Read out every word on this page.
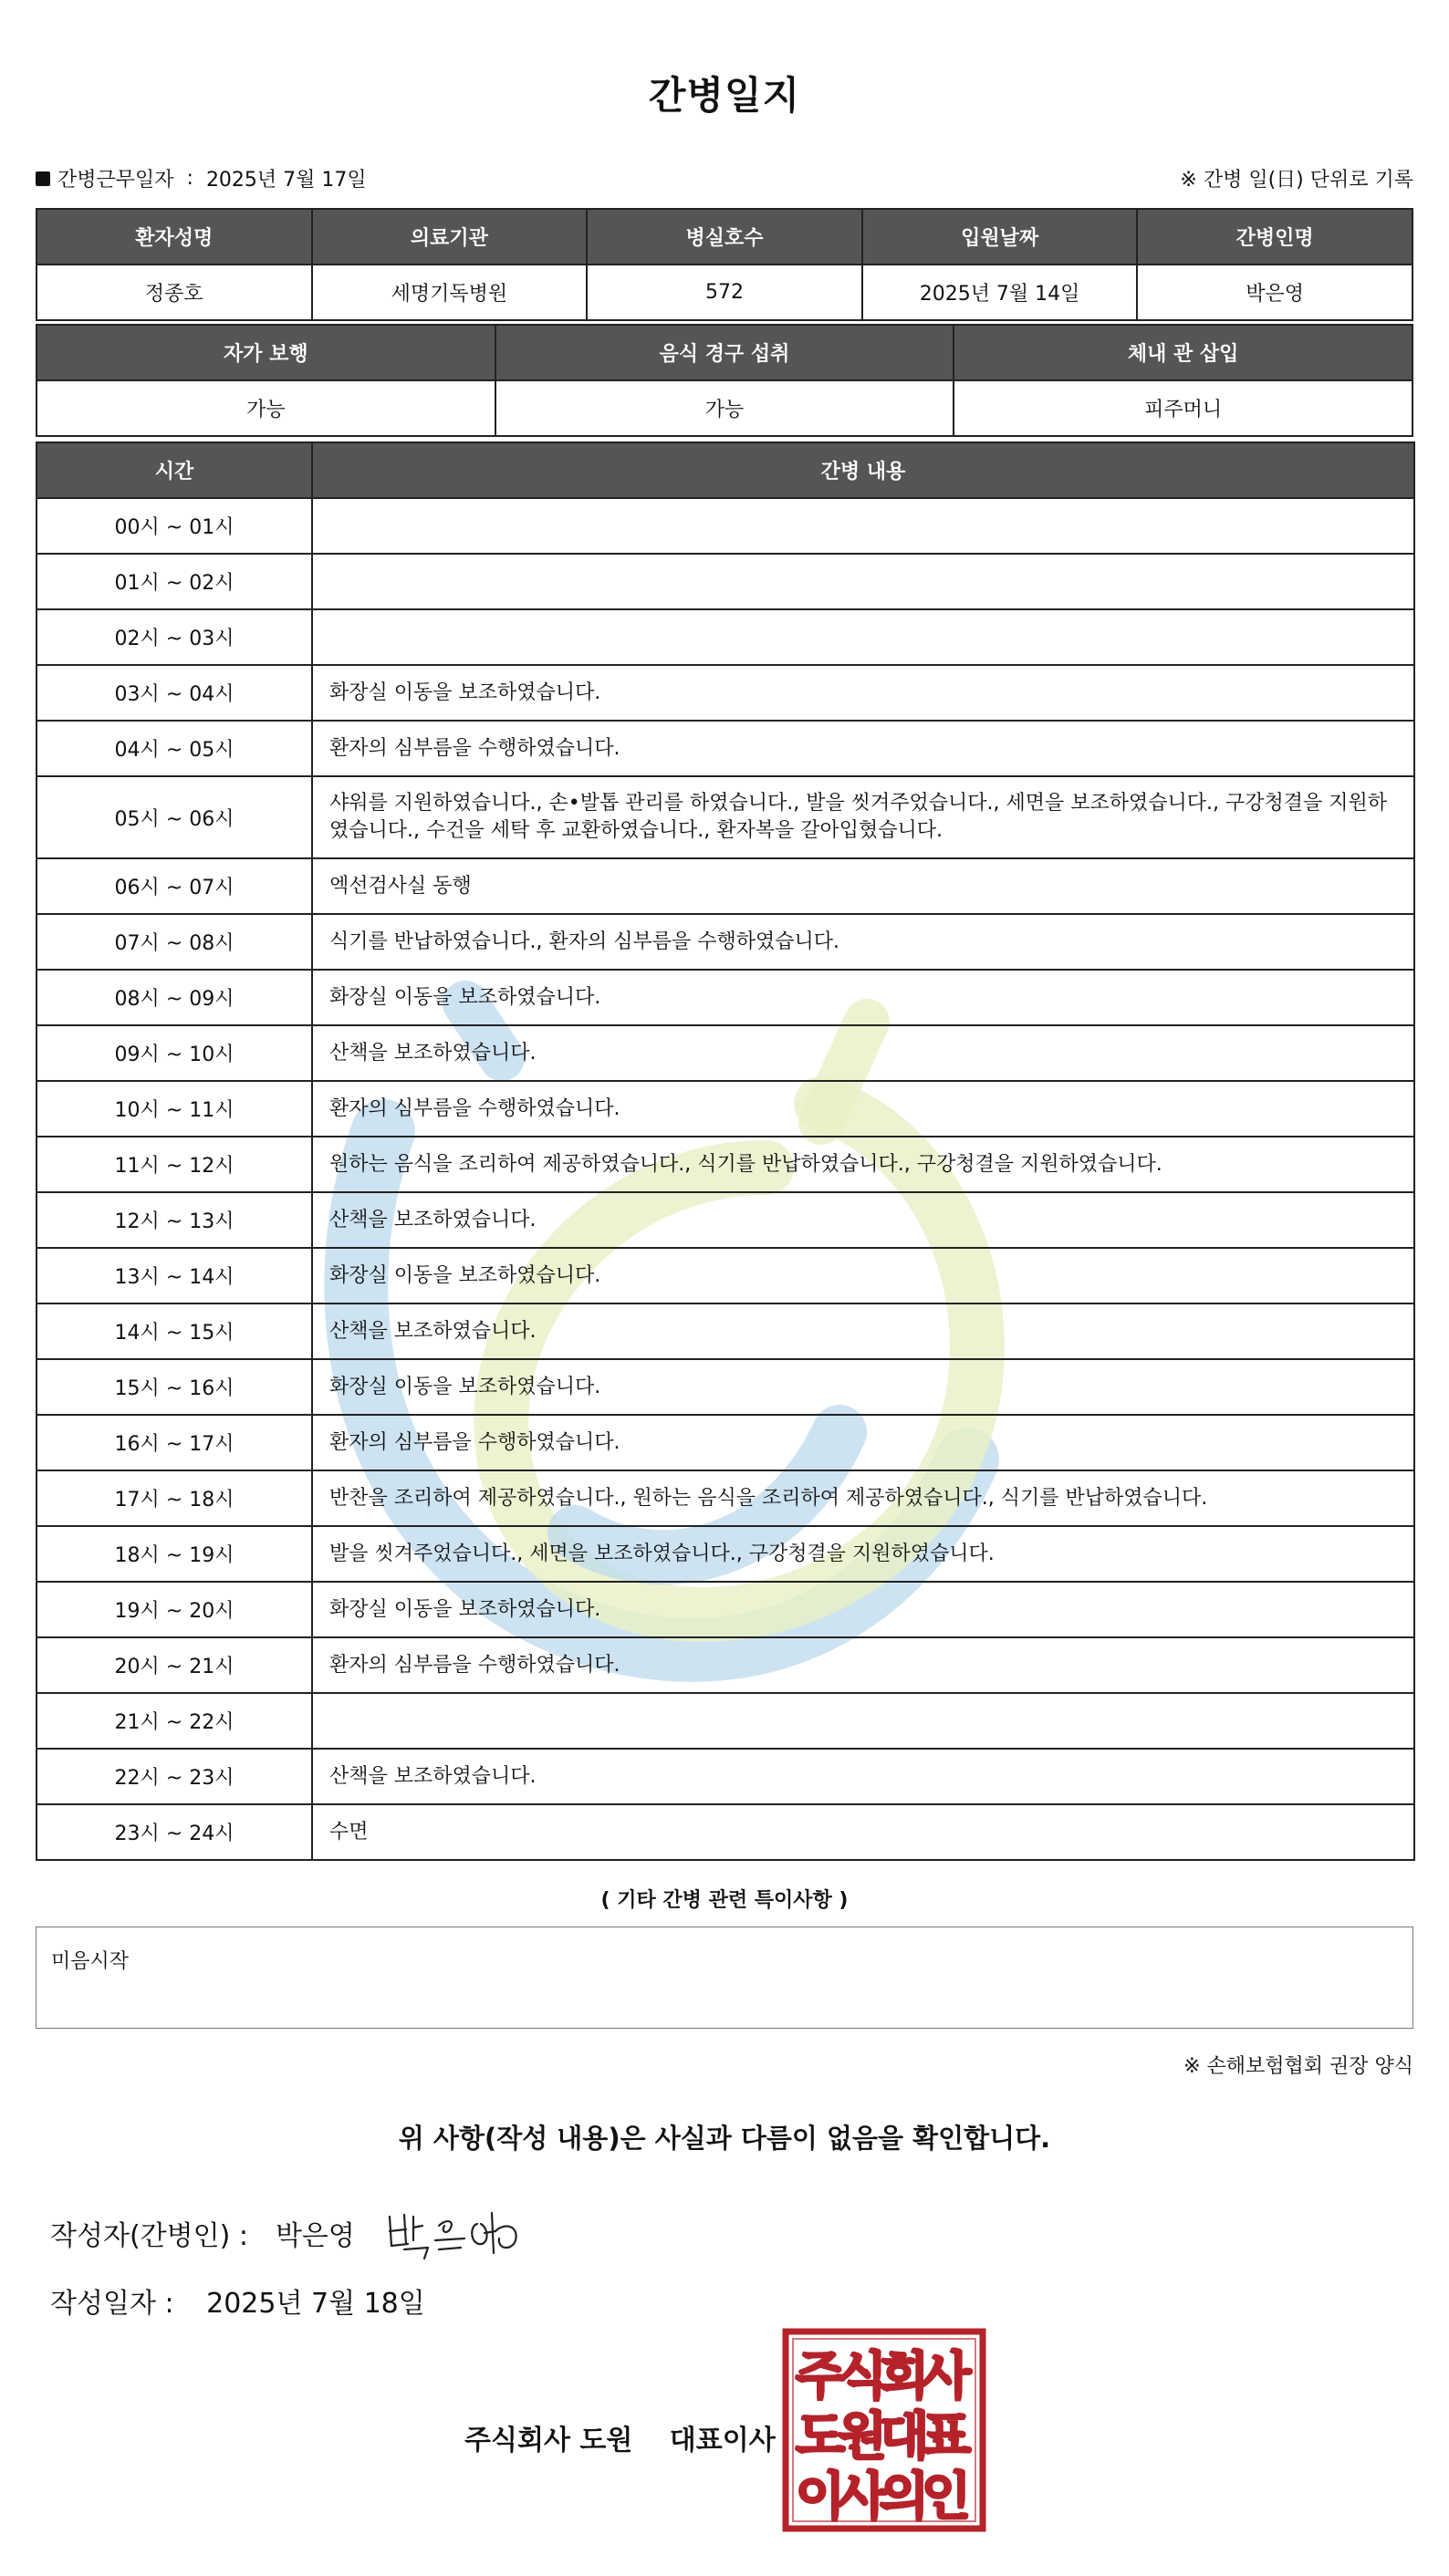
간병일지
간병근무일자 : 2025년 7월 17일	※ 간병 일(日) 단위로 기록
환자성명	의료기관	병실호수	입원날짜	간병인명
정종호	세명기독병원	572	2025년 7월 14일	박은영
자가 보행	음식 경구 섭취	체내 관 삽입
가능	가능	피주머니
시간	간병 내용
00시 ~ 01시	
01시 ~ 02시	
02시 ~ 03시	
03시 ~ 04시	화장실 이동을 보조하였습니다.
04시 ~ 05시	환자의 심부름을 수행하였습니다.
05시 ~ 06시	샤워를 지원하였습니다., 손•발톱 관리를 하였습니다., 발을 씻겨주었습니다., 세면을 보조하였습니다., 구강청결을 지원하였습니다., 수건을 세탁 후 교환하였습니다., 환자복을 갈아입혔습니다.
06시 ~ 07시	엑선검사실 동행
07시 ~ 08시	식기를 반납하였습니다., 환자의 심부름을 수행하였습니다.
08시 ~ 09시	화장실 이동을 보조하였습니다.
09시 ~ 10시	산책을 보조하였습니다.
10시 ~ 11시	환자의 심부름을 수행하였습니다.
11시 ~ 12시	원하는 음식을 조리하여 제공하였습니다., 식기를 반납하였습니다., 구강청결을 지원하였습니다.
12시 ~ 13시	산책을 보조하였습니다.
13시 ~ 14시	화장실 이동을 보조하였습니다.
14시 ~ 15시	산책을 보조하였습니다.
15시 ~ 16시	화장실 이동을 보조하였습니다.
16시 ~ 17시	환자의 심부름을 수행하였습니다.
17시 ~ 18시	반찬을 조리하여 제공하였습니다., 원하는 음식을 조리하여 제공하였습니다., 식기를 반납하였습니다.
18시 ~ 19시	발을 씻겨주었습니다., 세면을 보조하였습니다., 구강청결을 지원하였습니다.
19시 ~ 20시	화장실 이동을 보조하였습니다.
20시 ~ 21시	환자의 심부름을 수행하였습니다.
21시 ~ 22시	
22시 ~ 23시	산책을 보조하였습니다.
23시 ~ 24시	수면
( 기타 간병 관련 특이사항 )
미음시작
※ 손해보험협회 권장 양식
위 사항(작성 내용)은 사실과 다름이 없음을 확인합니다.
작성자(간병인) : 박은영
작성일자 : 2025년 7월 18일
주식회사 도원 대표이사
주
식
회
사
도
원
대
표
이
사
의
인
